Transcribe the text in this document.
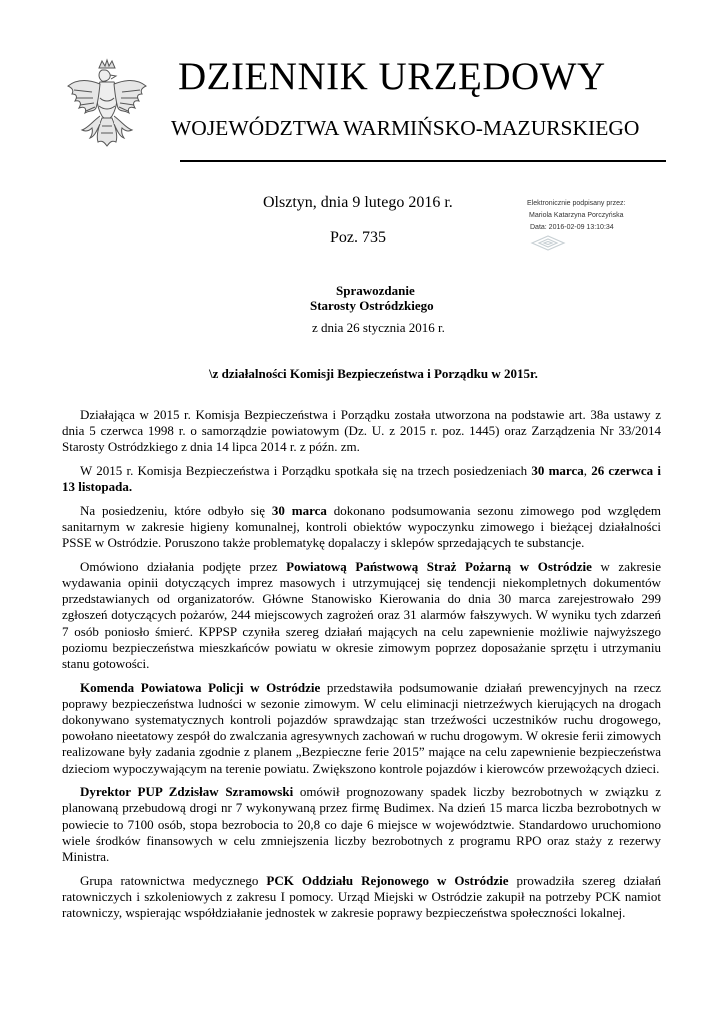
DZIENNIK URZĘDOWY
WOJEWÓDZTWA WARMIŃSKO-MAZURSKIEGO
Olsztyn, dnia 9 lutego 2016 r.
Poz. 735
Elektronicznie podpisany przez:
Mariola Katarzyna Porczyńska
Data: 2016-02-09 13:10:34
Sprawozdanie
Starosty Ostródzkiego
z dnia 26 stycznia 2016 r.
\z działalności Komisji Bezpieczeństwa i Porządku w 2015r.

Działająca w 2015 r. Komisja Bezpieczeństwa i Porządku została utworzona na podstawie art. 38a ustawy z dnia 5 czerwca 1998 r. o samorządzie powiatowym (Dz. U. z 2015 r. poz. 1445) oraz Zarządzenia Nr 33/2014 Starosty Ostródzkiego z dnia 14 lipca 2014 r. z późn. zm.

W 2015 r. Komisja Bezpieczeństwa i Porządku spotkała się na trzech posiedzeniach 30 marca, 26 czerwca i 13 listopada.

Na posiedzeniu, które odbyło się 30 marca dokonano podsumowania sezonu zimowego pod względem sanitarnym w zakresie higieny komunalnej, kontroli obiektów wypoczynku zimowego i bieżącej działalności PSSE w Ostródzie. Poruszono także problematykę dopalaczy i sklepów sprzedających te substancje.

Omówiono działania podjęte przez Powiatową Państwową Straż Pożarną w Ostródzie w zakresie wydawania opinii dotyczących imprez masowych i utrzymującej się tendencji niekompletnych dokumentów przedstawianych od organizatorów. Główne Stanowisko Kierowania do dnia 30 marca zarejestrowało 299 zgłoszeń dotyczących pożarów, 244 miejscowych zagrożeń oraz 31 alarmów fałszywych. W wyniku tych zdarzeń 7 osób poniosło śmierć. KPPSP czyniła szereg działań mających na celu zapewnienie możliwie najwyższego poziomu bezpieczeństwa mieszkańców powiatu w okresie zimowym poprzez doposażanie sprzętu i utrzymaniu stanu gotowości.

Komenda Powiatowa Policji w Ostródzie przedstawiła podsumowanie działań prewencyjnych na rzecz poprawy bezpieczeństwa ludności w sezonie zimowym. W celu eliminacji nietrzeźwych kierujących na drogach dokonywano systematycznych kontroli pojazdów sprawdzając stan trzeźwości uczestników ruchu drogowego, powołano nieetatowy zespół do zwalczania agresywnych zachowań w ruchu drogowym. W okresie ferii zimowych realizowane były zadania zgodnie z planem „Bezpieczne ferie 2015” mające na celu zapewnienie bezpieczeństwa dzieciom wypoczywającym na terenie powiatu. Zwiększono kontrole pojazdów i kierowców przewożących dzieci.

Dyrektor PUP Zdzisław Szramowski omówił prognozowany spadek liczby bezrobotnych w związku z planowaną przebudową drogi nr 7 wykonywaną przez firmę Budimex. Na dzień 15 marca liczba bezrobotnych w powiecie to 7100 osób, stopa bezrobocia to 20,8 co daje 6 miejsce w województwie. Standardowo uruchomiono wiele środków finansowych w celu zmniejszenia liczby bezrobotnych z programu RPO oraz staży z rezerwy Ministra.

Grupa ratownictwa medycznego PCK Oddziału Rejonowego w Ostródzie prowadziła szereg działań ratowniczych i szkoleniowych z zakresu I pomocy. Urząd Miejski w Ostródzie zakupił na potrzeby PCK namiot ratowniczy, wspierając współdziałanie jednostek w zakresie poprawy bezpieczeństwa społeczności lokalnej.
